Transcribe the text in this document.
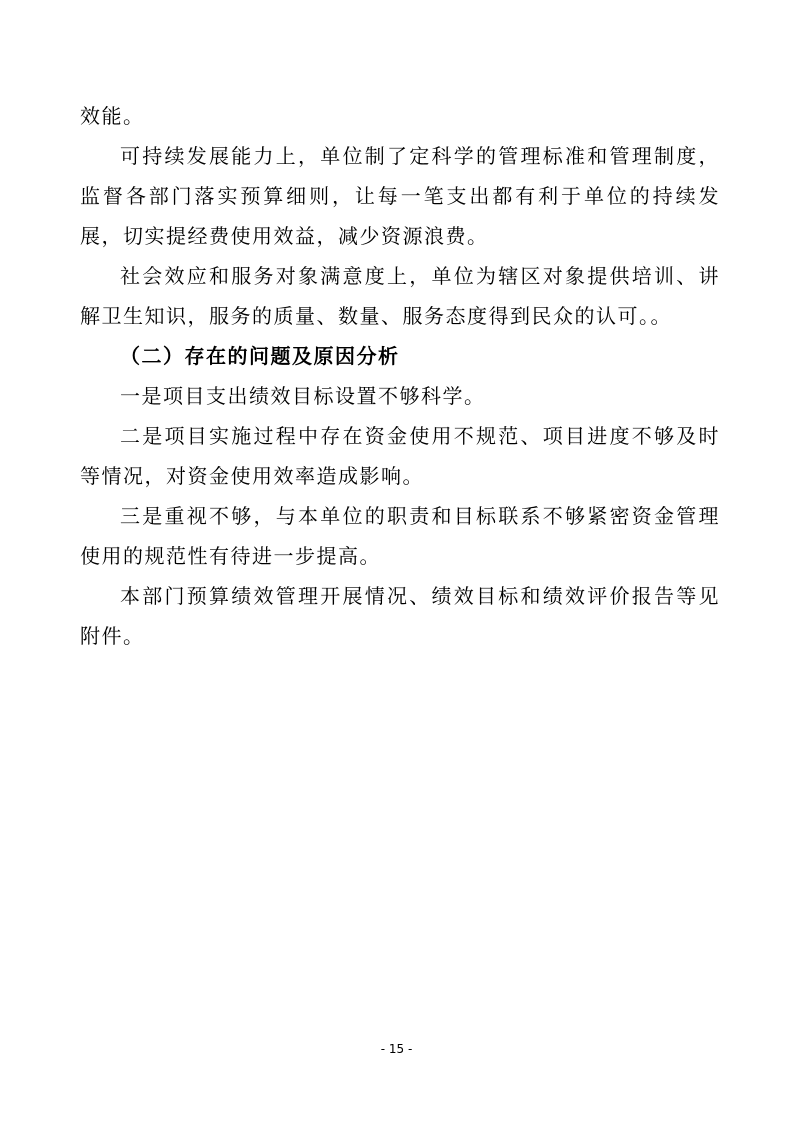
效能。

可持续发展能力上，单位制了定科学的管理标准和管理制度，监督各部门落实预算细则，让每一笔支出都有利于单位的持续发展，切实提经费使用效益，减少资源浪费。

社会效应和服务对象满意度上，单位为辖区对象提供培训、讲解卫生知识，服务的质量、数量、服务态度得到民众的认可。。

（二）存在的问题及原因分析

一是项目支出绩效目标设置不够科学。

二是项目实施过程中存在资金使用不规范、项目进度不够及时等情况，对资金使用效率造成影响。

三是重视不够，与本单位的职责和目标联系不够紧密资金管理使用的规范性有待进一步提高。

本部门预算绩效管理开展情况、绩效目标和绩效评价报告等见附件。

- 15 -
